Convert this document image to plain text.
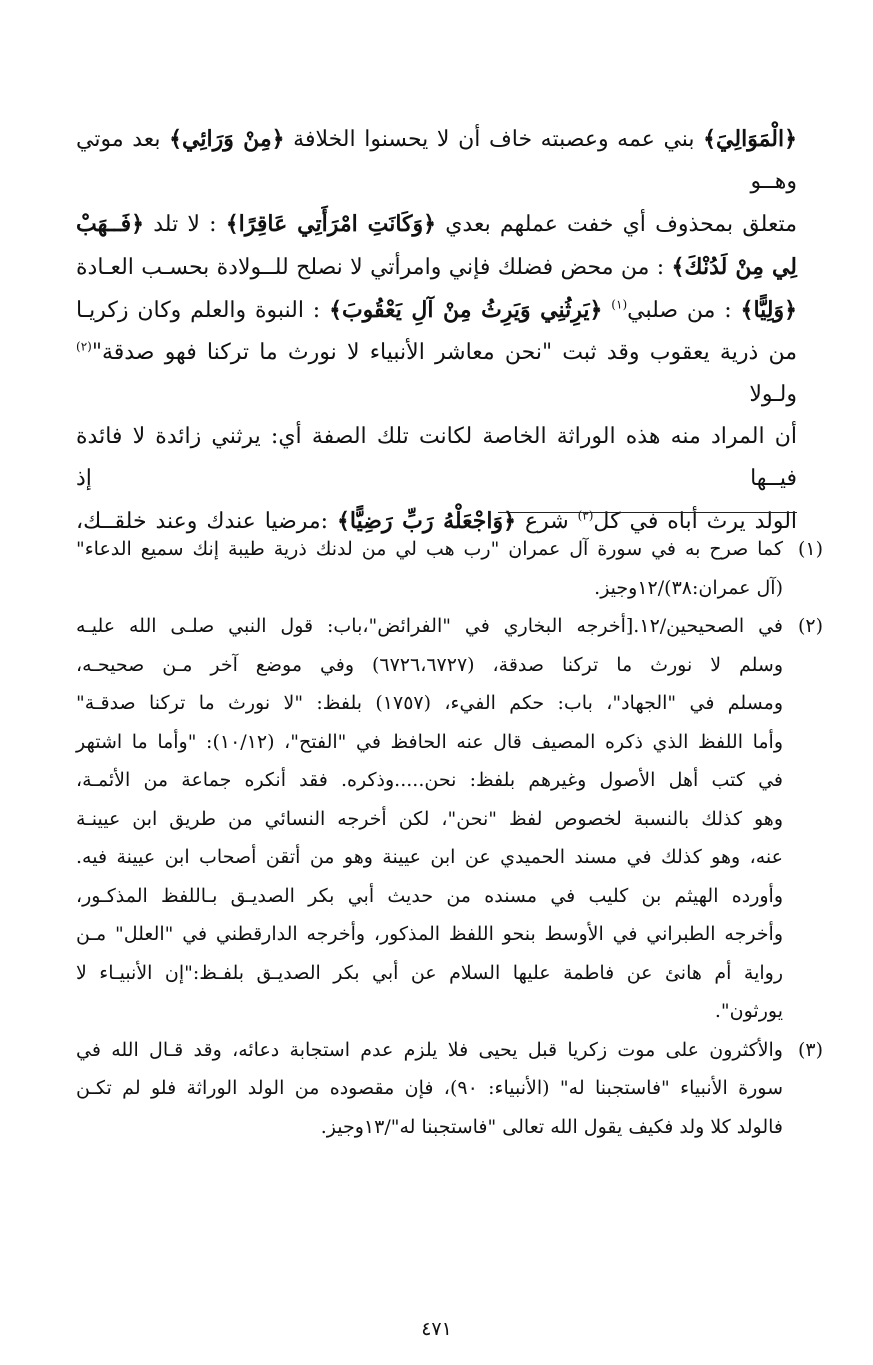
﴿الْمَوَالِيَ﴾ بني عمه وعصبته خاف أن لا يحسنوا الخلافة ﴿مِنْ وَرَائِي﴾ بعد موتي وهــو

متعلق بمحذوف أي خفت عملهم بعدي ﴿وَكَانَتِ امْرَأَتِي عَاقِرًا﴾ : لا تلد ﴿فَــهَبْ

لِي مِنْ لَدُنْكَ﴾ : من محض فضلك فإني وامرأتي لا نصلح للــولادة بحسـب العـادة

﴿وَلِيًّا﴾ : من صلبي$^{(١)}$ ﴿يَرِثُنِي وَيَرِثُ مِنْ آلِ يَعْقُوبَ﴾ : النبوة والعلم وكان زكريـا

من ذرية يعقوب وقد ثبت "نحن معاشر الأنبياء لا نورث ما تركنا فهو صدقة"$^{(٢)}$ ولـولا

أن المراد منه هذه الوراثة الخاصة لكانت تلك الصفة أي: يرثني زائدة لا فائدة فيــها إذ

الولد يرث أباه في كل$^{(٣)}$ شرع ﴿وَاجْعَلْهُ رَبِّ رَضِيًّا﴾ :مرضيا عندك وعند خلقــك،

(١)
كما صرح به في سورة آل عمران "رب هب لي من لدنك ذرية طيبة إنك سميع الدعاء"
(آل عمران:٣٨)/١٢وجيز.
(٢)
في الصحيحين/١٢.[أخرجه البخاري في "الفرائض"،باب: قول النبي صلـى الله عليـه
وسلم لا نورث ما تركنا صدقة، (٦٧٢٦،٦٧٢٧) وفي موضع آخر مـن صحيحـه،
ومسلم في "الجهاد"، باب: حكم الفيء، (١٧٥٧) بلفظ: "لا نورث ما تركنا صدقـة"
وأما اللفظ الذي ذكره المصيف قال عنه الحافظ في "الفتح"، (١٠/١٢): "وأما ما اشتهر
في كتب أهل الأصول وغيرهم بلفظ: نحن.....وذكره. فقد أنكره جماعة من الأئمـة،
وهو كذلك بالنسبة لخصوص لفظ "نحن"، لكن أخرجه النسائي من طريق ابن عيينـة
عنه، وهو كذلك في مسند الحميدي عن ابن عيينة وهو من أتقن أصحاب ابن عيينة فيه.
وأورده الهيثم بن كليب في مسنده من حديث أبي بكر الصديـق بـاللفظ المذكـور،
وأخرجه الطبراني في الأوسط بنحو اللفظ المذكور، وأخرجه الدارقطني في "العلل" مـن
رواية أم هانئ عن فاطمة عليها السلام عن أبي بكر الصديـق بلفـظ:"إن الأنبيـاء لا
يورثون".
(٣)
والأكثرون على موت زكريا قبل يحيى فلا يلزم عدم استجابة دعائه، وقد قـال الله في
سورة الأنبياء "فاستجبنا له" (الأنبياء: ٩٠)، فإن مقصوده من الولد الوراثة فلو لم تكـن
فالولد كلا ولد فكيف يقول الله تعالى "فاستجبنا له"/١٣وجيز.
٤٧١
